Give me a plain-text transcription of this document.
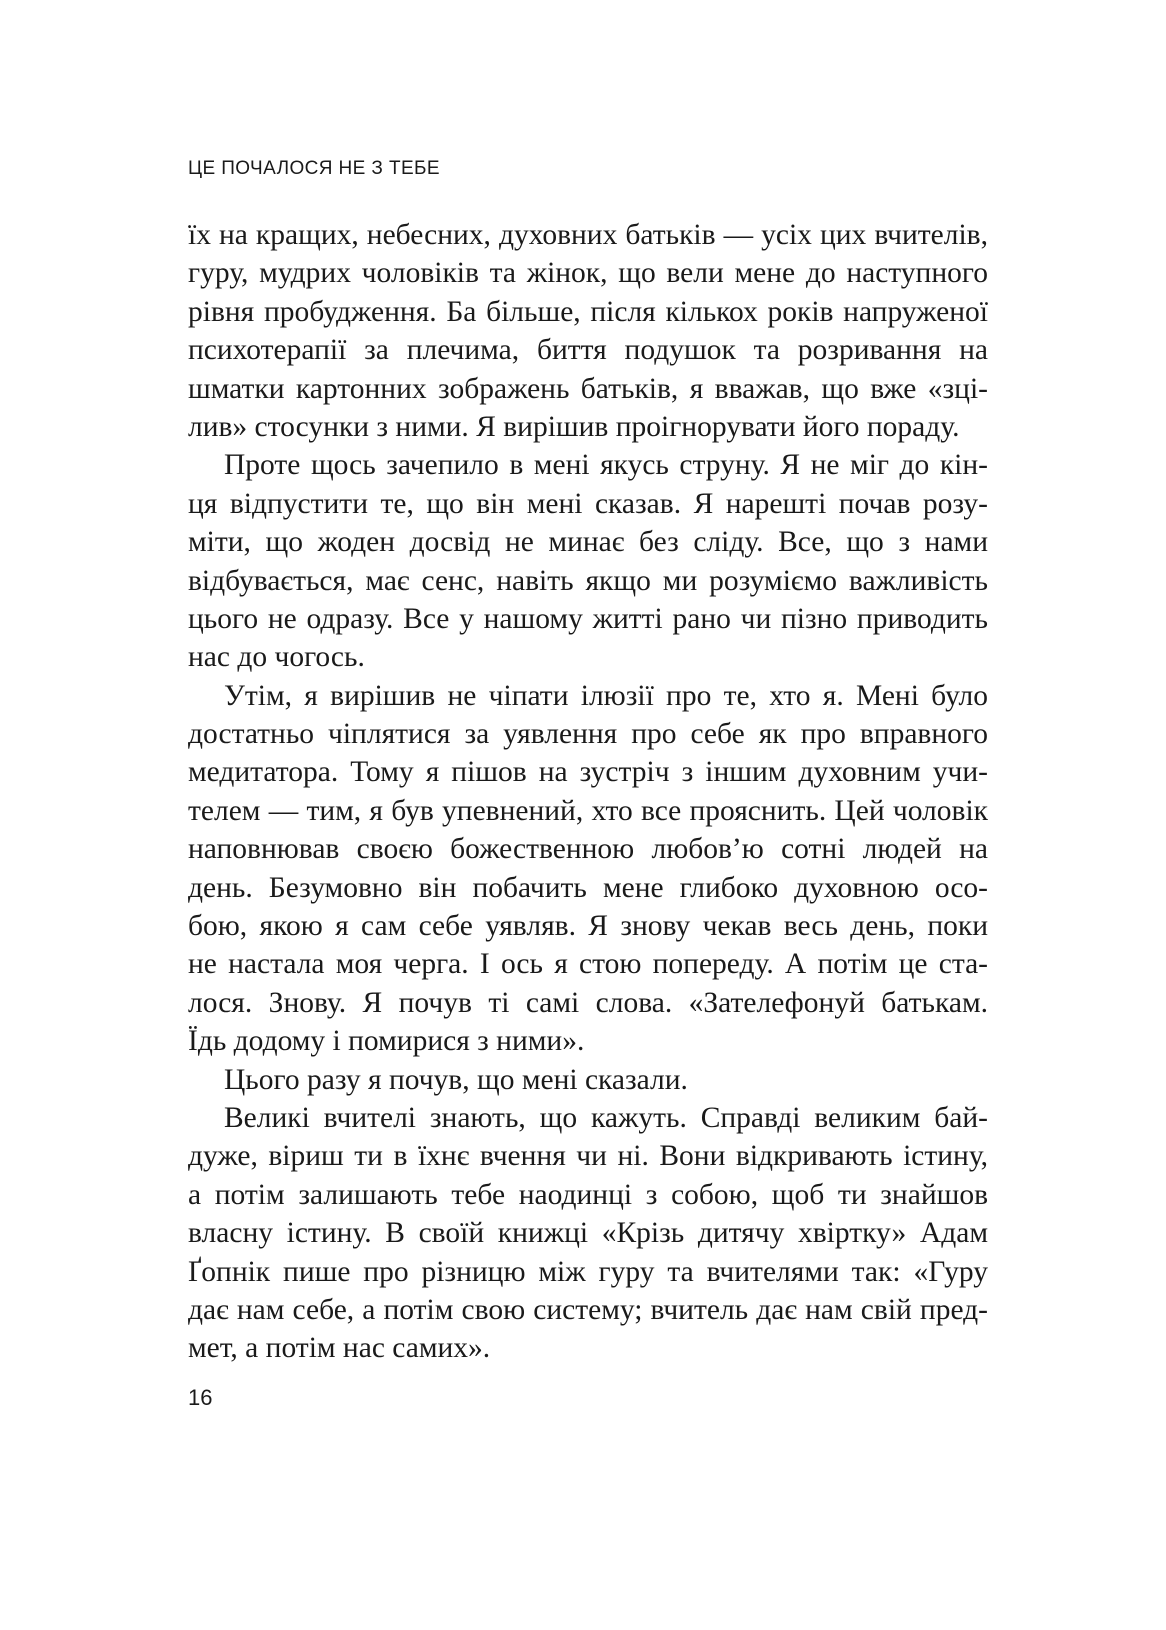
ЦЕ ПОЧАЛОСЯ НЕ З ТЕБЕ
їх на кращих, небесних, духовних батьків — усіх цих вчителів,
гуру, мудрих чоловіків та жінок, що вели мене до наступного
рівня пробудження. Ба більше, після кількох років напруженої
психотерапії за плечима, биття подушок та розривання на
шматки картонних зображень батьків, я вважав, що вже «зці-
лив» стосунки з ними. Я вирішив проігнорувати його пораду.
Проте щось зачепило в мені якусь струну. Я не міг до кін-
ця відпустити те, що він мені сказав. Я нарешті почав розу-
міти, що жоден досвід не минає без сліду. Все, що з нами
відбувається, має сенс, навіть якщо ми розуміємо важливість
цього не одразу. Все у нашому житті рано чи пізно приводить
нас до чогось.
Утім, я вирішив не чіпати ілюзії про те, хто я. Мені було
достатньо чіплятися за уявлення про себе як про вправного
медитатора. Тому я пішов на зустріч з іншим духовним учи-
телем — тим, я був упевнений, хто все прояснить. Цей чоловік
наповнював своєю божественною любов’ю сотні людей на
день. Безумовно він побачить мене глибоко духовною осо-
бою, якою я сам себе уявляв. Я знову чекав весь день, поки
не настала моя черга. І ось я стою попереду. А потім це ста-
лося. Знову. Я почув ті самі слова. «Зателефонуй батькам.
Їдь додому і помирися з ними».
Цього разу я почув, що мені сказали.
Великі вчителі знають, що кажуть. Справді великим бай-
дуже, віриш ти в їхнє вчення чи ні. Вони відкривають істину,
а потім залишають тебе наодинці з собою, щоб ти знайшов
власну істину. В своїй книжці «Крізь дитячу хвіртку» Адам
Ґопнік пише про різницю між гуру та вчителями так: «Гуру
дає нам себе, а потім свою систему; вчитель дає нам свій пред-
мет, а потім нас самих».
16
